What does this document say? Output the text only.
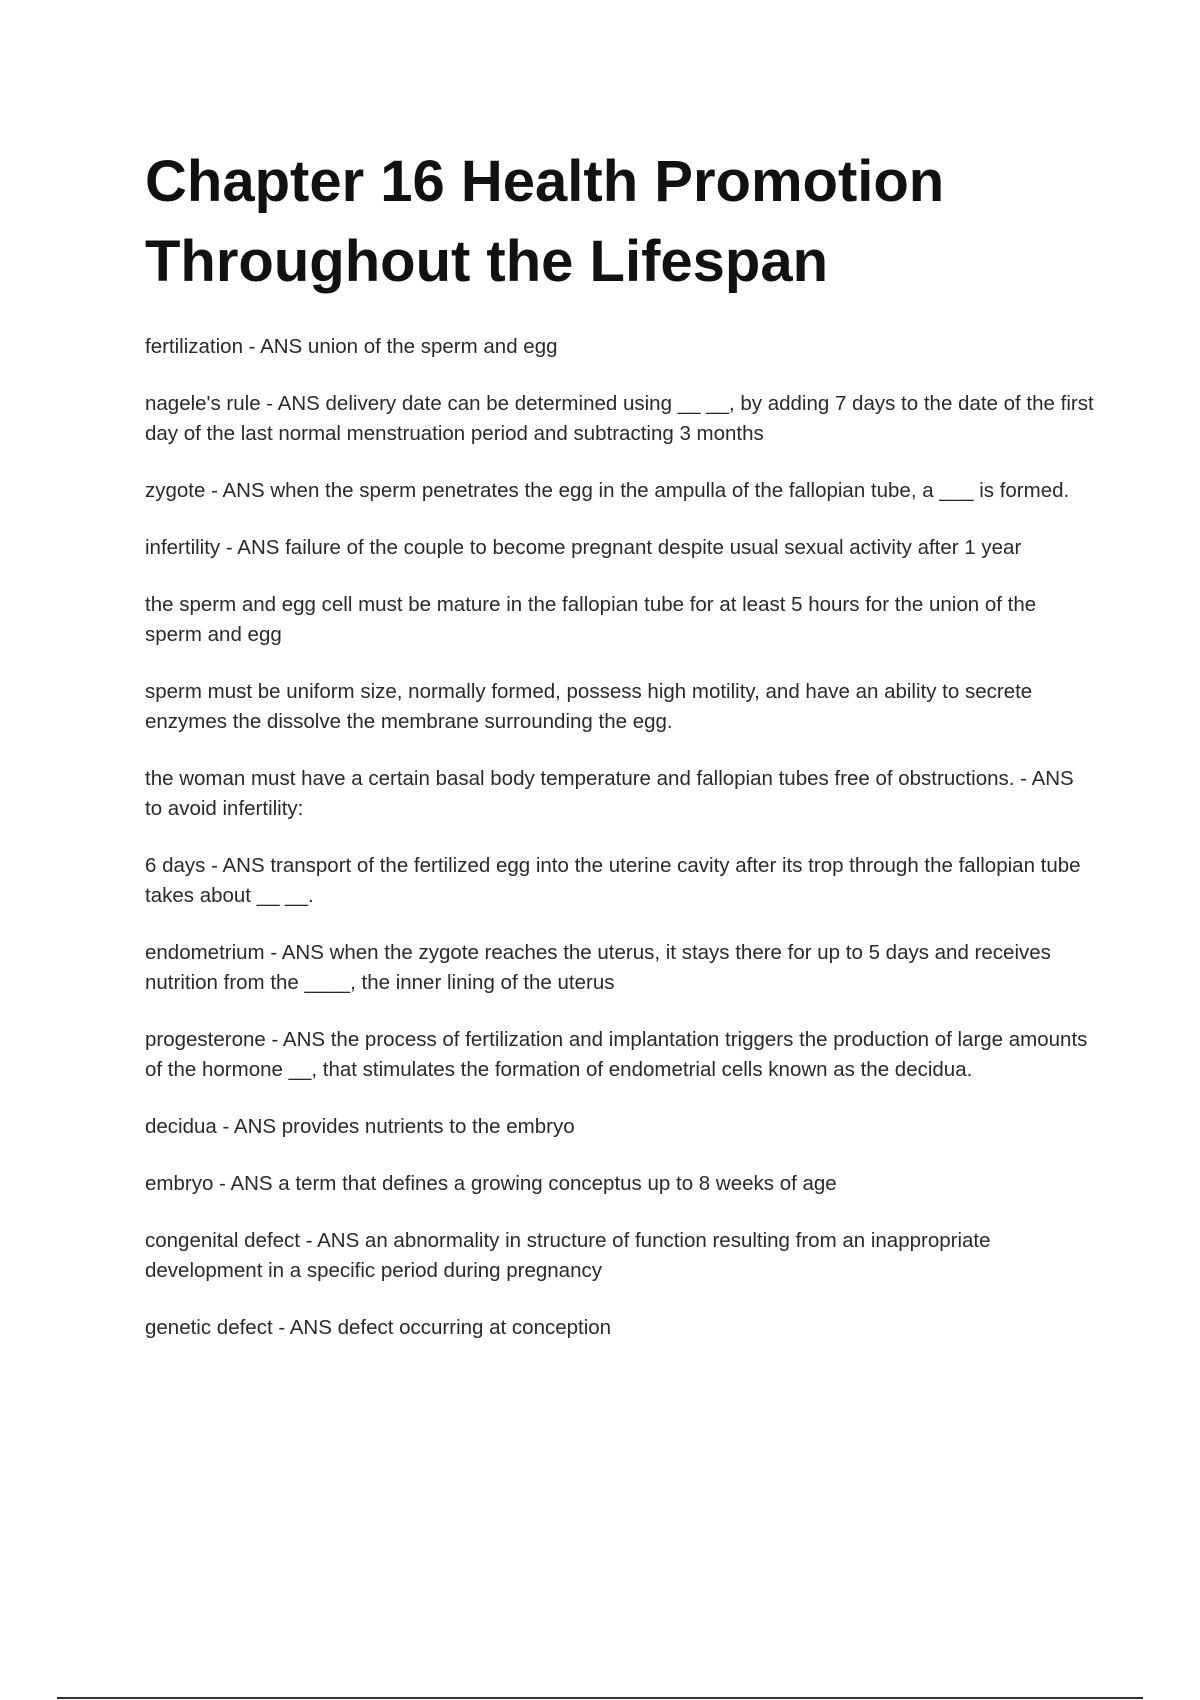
Chapter 16 Health Promotion Throughout the Lifespan

fertilization - ANS union of the sperm and egg

nagele's rule - ANS delivery date can be determined using __ __, by adding 7 days to the date of the first day of the last normal menstruation period and subtracting 3 months

zygote - ANS when the sperm penetrates the egg in the ampulla of the fallopian tube, a ___ is formed.

infertility - ANS failure of the couple to become pregnant despite usual sexual activity after 1 year

the sperm and egg cell must be mature in the fallopian tube for at least 5 hours for the union of the sperm and egg

sperm must be uniform size, normally formed, possess high motility, and have an ability to secrete enzymes the dissolve the membrane surrounding the egg.

the woman must have a certain basal body temperature and fallopian tubes free of obstructions. - ANS to avoid infertility:

6 days - ANS transport of the fertilized egg into the uterine cavity after its trop through the fallopian tube takes about __ __.

endometrium - ANS when the zygote reaches the uterus, it stays there for up to 5 days and receives nutrition from the ____, the inner lining of the uterus

progesterone - ANS the process of fertilization and implantation triggers the production of large amounts of the hormone __, that stimulates the formation of endometrial cells known as the decidua.

decidua - ANS provides nutrients to the embryo

embryo - ANS a term that defines a growing conceptus up to 8 weeks of age

congenital defect - ANS an abnormality in structure of function resulting from an inappropriate development in a specific period during pregnancy

genetic defect - ANS defect occurring at conception
